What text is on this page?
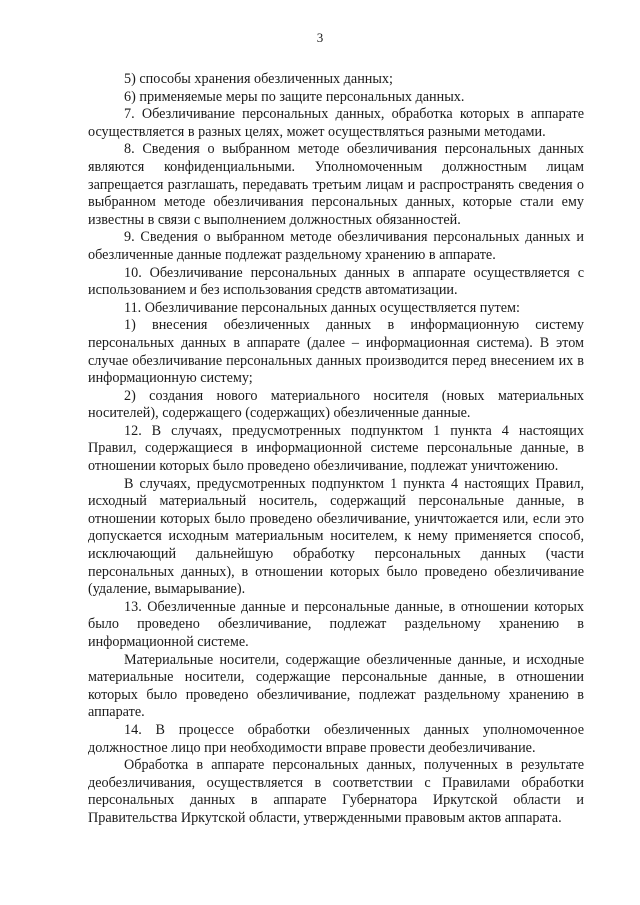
3

5) способы хранения обезличенных данных;

6) применяемые меры по защите персональных данных.

7. Обезличивание персональных данных, обработка которых в аппарате осуществляется в разных целях, может осуществляться разными методами.

8. Сведения о выбранном методе обезличивания персональных данных являются конфиденциальными. Уполномоченным должностным лицам запрещается разглашать, передавать третьим лицам и распространять сведения о выбранном методе обезличивания персональных данных, которые стали ему известны в связи с выполнением должностных обязанностей.

9. Сведения о выбранном методе обезличивания персональных данных и обезличенные данные подлежат раздельному хранению в аппарате.

10. Обезличивание персональных данных в аппарате осуществляется с использованием и без использования средств автоматизации.

11. Обезличивание персональных данных осуществляется путем:

1) внесения обезличенных данных в информационную систему персональных данных в аппарате (далее – информационная система). В этом случае обезличивание персональных данных производится перед внесением их в информационную систему;

2) создания нового материального носителя (новых материальных носителей), содержащего (содержащих) обезличенные данные.

12. В случаях, предусмотренных подпунктом 1 пункта 4 настоящих Правил, содержащиеся в информационной системе персональные данные, в отношении которых было проведено обезличивание, подлежат уничтожению.

В случаях, предусмотренных подпунктом 1 пункта 4 настоящих Правил, исходный материальный носитель, содержащий персональные данные, в отношении которых было проведено обезличивание, уничтожается или, если это допускается исходным материальным носителем, к нему применяется способ, исключающий дальнейшую обработку персональных данных (части персональных данных), в отношении которых было проведено обезличивание (удаление, вымарывание).

13. Обезличенные данные и персональные данные, в отношении которых было проведено обезличивание, подлежат раздельному хранению в информационной системе.

Материальные носители, содержащие обезличенные данные, и исходные материальные носители, содержащие персональные данные, в отношении которых было проведено обезличивание, подлежат раздельному хранению в аппарате.

14. В процессе обработки обезличенных данных уполномоченное должностное лицо при необходимости вправе провести деобезличивание.

Обработка в аппарате персональных данных, полученных в результате деобезличивания, осуществляется в соответствии с Правилами обработки персональных данных в аппарате Губернатора Иркутской области и Правительства Иркутской области, утвержденными правовым актов аппарата.
